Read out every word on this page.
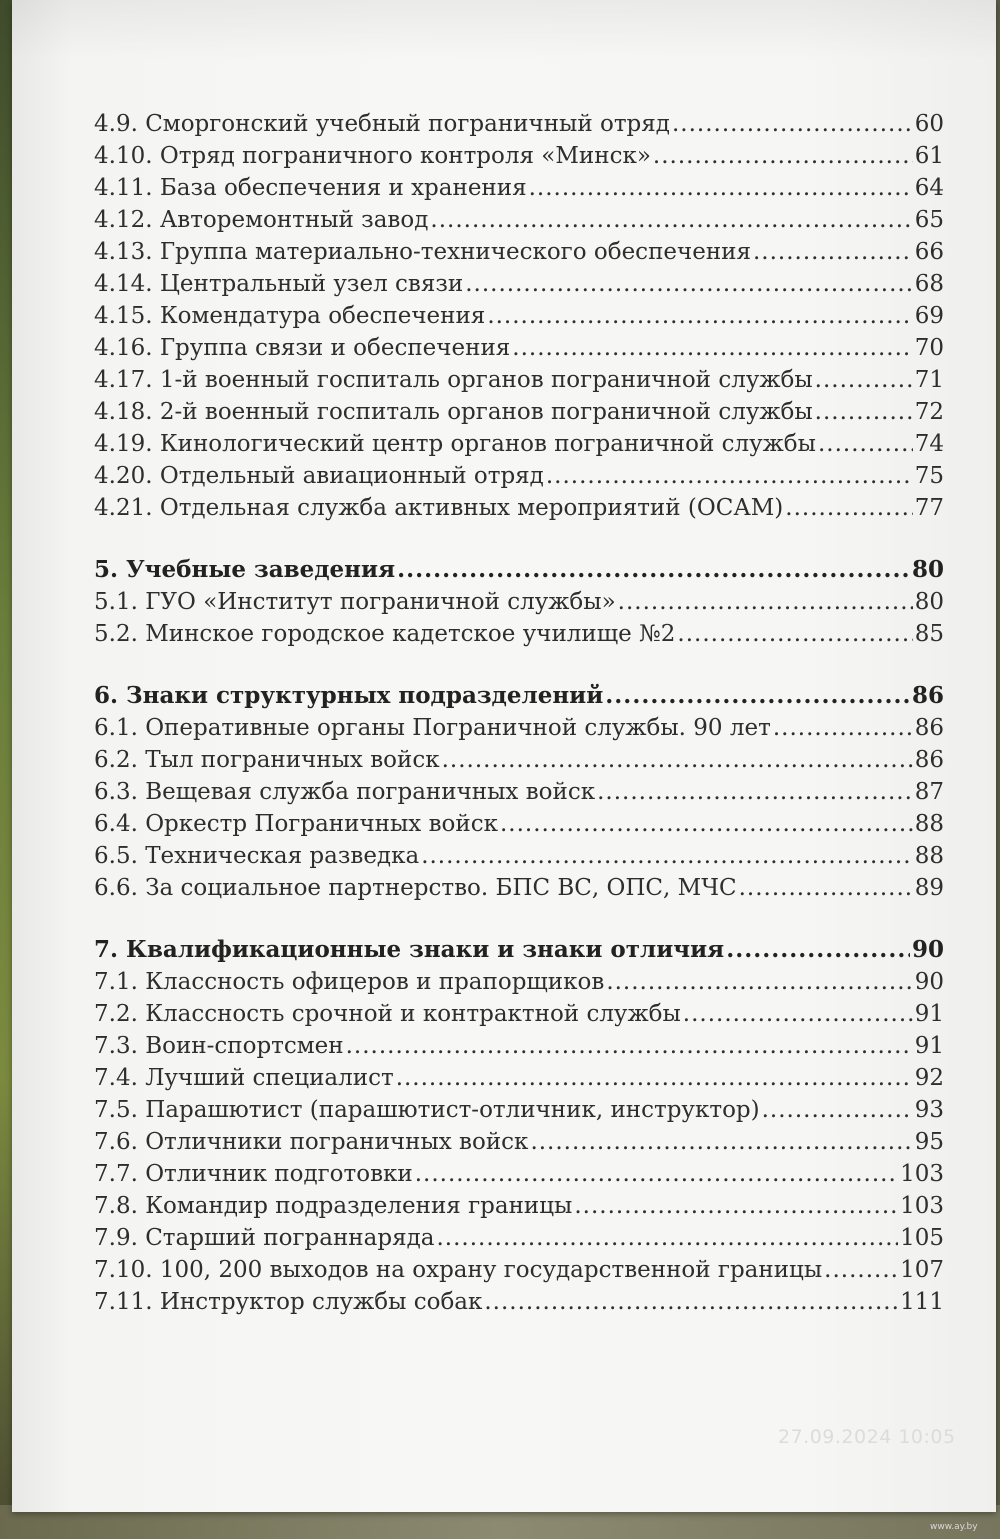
4.9. Сморгонский учебный пограничный отряд .....	60
4.10. Отряд пограничного контроля «Минск» .....	61
4.11. База обеспечения и хранения .....	64
4.12. Авторемонтный завод .....	65
4.13. Группа материально-технического обеспечения .....	66
4.14. Центральный узел связи .....	68
4.15. Комендатура обеспечения .....	69
4.16. Группа связи и обеспечения .....	70
4.17. 1-й военный госпиталь органов пограничной службы .....	71
4.18. 2-й военный госпиталь органов пограничной службы .....	72
4.19. Кинологический центр органов пограничной службы .....	74
4.20. Отдельный авиационный отряд .....	75
4.21. Отдельная служба активных мероприятий (ОСАМ) .....	77
5. Учебные заведения .....	80
5.1. ГУО «Институт пограничной службы» .....	80
5.2. Минское городское кадетское училище №2 .....	85
6. Знаки структурных подразделений .....	86
6.1. Оперативные органы Пограничной службы. 90 лет .....	86
6.2. Тыл пограничных войск .....	86
6.3. Вещевая служба пограничных войск .....	87
6.4. Оркестр Пограничных войск .....	88
6.5. Техническая разведка .....	88
6.6. За социальное партнерство. БПС ВС, ОПС, МЧС .....	89
7. Квалификационные знаки и знаки отличия .....	90
7.1. Классность офицеров и прапорщиков .....	90
7.2. Классность срочной и контрактной службы .....	91
7.3. Воин-спортсмен .....	91
7.4. Лучший специалист .....	92
7.5. Парашютист (парашютист-отличник, инструктор) .....	93
7.6. Отличники пограничных войск .....	95
7.7. Отличник подготовки .....	103
7.8. Командир подразделения границы .....	103
7.9. Старший пограннаряда .....	105
7.10. 100, 200 выходов на охрану государственной границы .....	107
7.11. Инструктор службы собак .....	111
27.09.2024 10:05
www.ay.by
